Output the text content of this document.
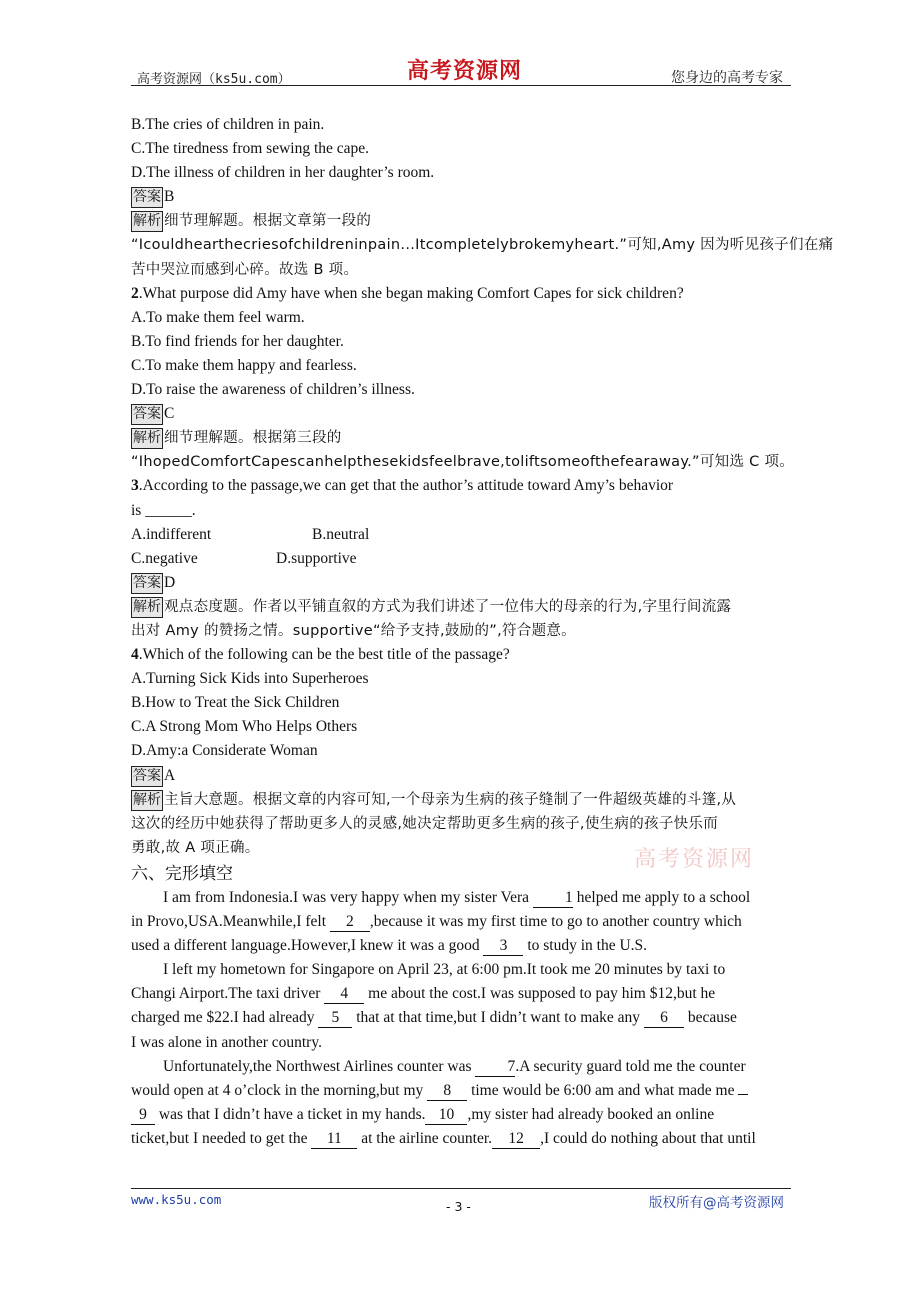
高考资源网（ks5u.com）	高考资源网	您身边的高考专家
B.The cries of children in pain.
C.The tiredness from sewing the cape.
D.The illness of children in her daughter’s room.
答案 B
解析 细节理解题。根据文章第一段的
“Icouldhearthecriesofchildreninpain...Itcompletelybrokemyheart.”可知,Amy 因为听见孩子们在痛
苦中哭泣而感到心碎。故选 B 项。
2.What purpose did Amy have when she began making Comfort Capes for sick children?
A.To make them feel warm.
B.To find friends for her daughter.
C.To make them happy and fearless.
D.To raise the awareness of children’s illness.
答案 C
解析 细节理解题。根据第三段的
“IhopedComfortCapescanhelpthesekidsfeelbrave,toliftsomeofthefearaway.”可知选 C 项。
3.According to the passage,we can get that the author’s attitude toward Amy’s behavior
is ______.
A.indifferent	B.neutral
C.negative	D.supportive
答案 D
解析 观点态度题。作者以平铺直叙的方式为我们讲述了一位伟大的母亲的行为,字里行间流露
出对 Amy 的赞扬之情。supportive“给予支持,鼓励的”,符合题意。
4.Which of the following can be the best title of the passage?
A.Turning Sick Kids into Superheroes
B.How to Treat the Sick Children
C.A Strong Mom Who Helps Others
D.Amy:a Considerate Woman
答案 A
解析 主旨大意题。根据文章的内容可知,一个母亲为生病的孩子缝制了一件超级英雄的斗篷,从
这次的经历中她获得了帮助更多人的灵感,她决定帮助更多生病的孩子,使生病的孩子快乐而
勇敢,故 A 项正确。
六、完形填空
I am from Indonesia.I was very happy when my sister Vera 1 helped me apply to a school
in Provo,USA.Meanwhile,I felt 2 ,because it was my first time to go to another country which
used a different language.However,I knew it was a good 3 to study in the U.S.
I left my hometown for Singapore on April 23, at 6:00 pm.It took me 20 minutes by taxi to
Changi Airport.The taxi driver 4 me about the cost.I was supposed to pay him $12,but he
charged me $22.I had already 5 that at that time,but I didn’t want to make any 6 because
I was alone in another country.
Unfortunately,the Northwest Airlines counter was 7.A security guard told me the counter
would open at 4 o’clock in the morning,but my 8 time would be 6:00 am and what made me
9 was that I didn’t have a ticket in my hands. 10 ,my sister had already booked an online
ticket,but I needed to get the 11 at the airline counter. 12 ,I could do nothing about that until
高考资源网
www.ks5u.com	- 3 -	版权所有@高考资源网
